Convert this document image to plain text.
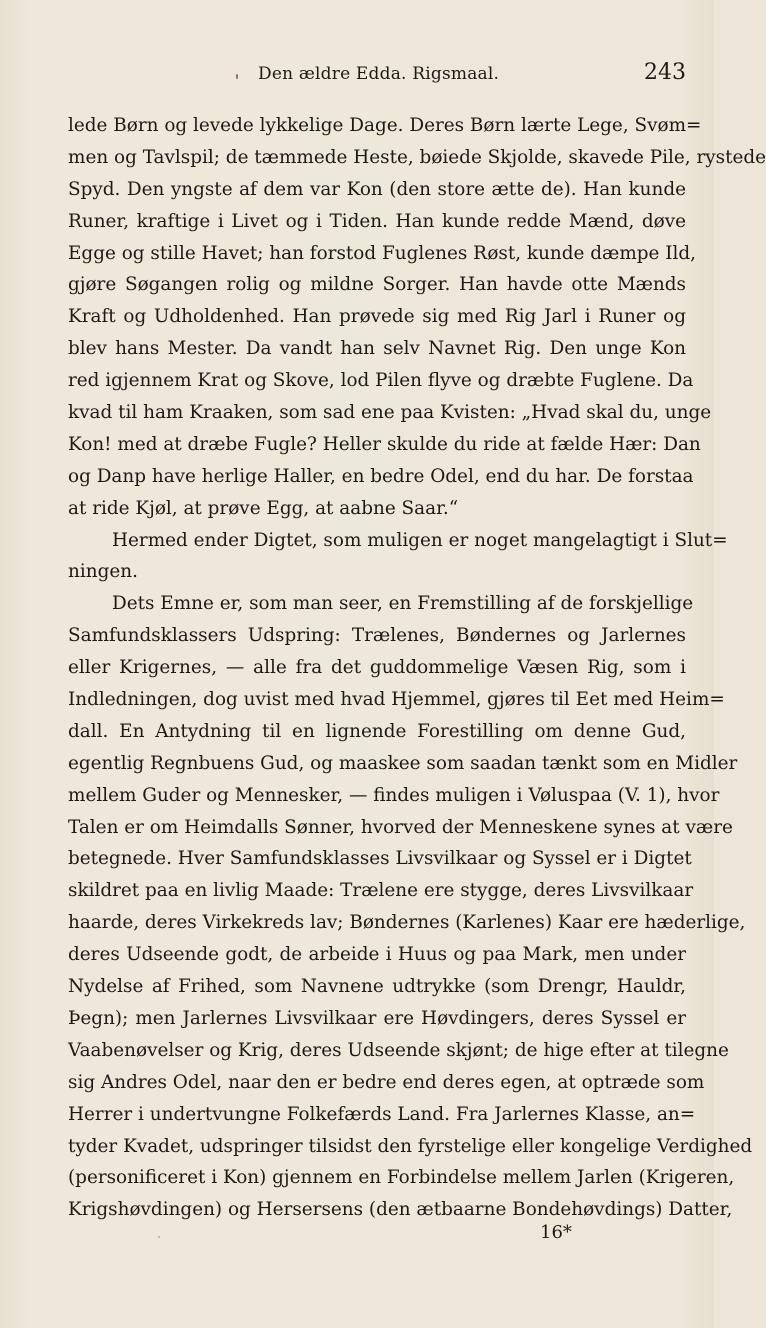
Den ældre Edda. Rigsmaal.	243
lede Børn og levede lykkelige Dage. Deres Børn lærte Lege, Svøm=
men og Tavlspil; de tæmmede Heste, bøiede Skjolde, skavede Pile, rystede
Spyd. Den yngste af dem var Kon (den store ætte de). Han kunde
Runer, kraftige i Livet og i Tiden. Han kunde redde Mænd, døve
Egge og stille Havet; han forstod Fuglenes Røst, kunde dæmpe Ild,
gjøre Søgangen rolig og mildne Sorger. Han havde otte Mænds
Kraft og Udholdenhed. Han prøvede sig med Rig Jarl i Runer og
blev hans Mester. Da vandt han selv Navnet Rig. Den unge Kon
red igjennem Krat og Skove, lod Pilen flyve og dræbte Fuglene. Da
kvad til ham Kraaken, som sad ene paa Kvisten: „Hvad skal du, unge
Kon! med at dræbe Fugle? Heller skulde du ride at fælde Hær: Dan
og Danp have herlige Haller, en bedre Odel, end du har. De forstaa
at ride Kjøl, at prøve Egg, at aabne Saar.“
Hermed ender Digtet, som muligen er noget mangelagtigt i Slut=
ningen.
Dets Emne er, som man seer, en Fremstilling af de forskjellige
Samfundsklassers Udspring: Trælenes, Bøndernes og Jarlernes
eller Krigernes, — alle fra det guddommelige Væsen Rig, som i
Indledningen, dog uvist med hvad Hjemmel, gjøres til Eet med Heim=
dall. En Antydning til en lignende Forestilling om denne Gud,
egentlig Regnbuens Gud, og maaskee som saadan tænkt som en Midler
mellem Guder og Mennesker, — findes muligen i Vøluspaa (V. 1), hvor
Talen er om Heimdalls Sønner, hvorved der Menneskene synes at være
betegnede. Hver Samfundsklasses Livsvilkaar og Syssel er i Digtet
skildret paa en livlig Maade: Trælene ere stygge, deres Livsvilkaar
haarde, deres Virkekreds lav; Bøndernes (Karlenes) Kaar ere hæderlige,
deres Udseende godt, de arbeide i Huus og paa Mark, men under
Nydelse af Frihed, som Navnene udtrykke (som Drengr, Hauldr,
Þegn); men Jarlernes Livsvilkaar ere Høvdingers, deres Syssel er
Vaabenøvelser og Krig, deres Udseende skjønt; de hige efter at tilegne
sig Andres Odel, naar den er bedre end deres egen, at optræde som
Herrer i undertvungne Folkefærds Land. Fra Jarlernes Klasse, an=
tyder Kvadet, udspringer tilsidst den fyrstelige eller kongelige Verdighed
(personificeret i Kon) gjennem en Forbindelse mellem Jarlen (Krigeren,
Krigshøvdingen) og Hersersens (den ætbaarne Bondehøvdings) Datter,
16*
